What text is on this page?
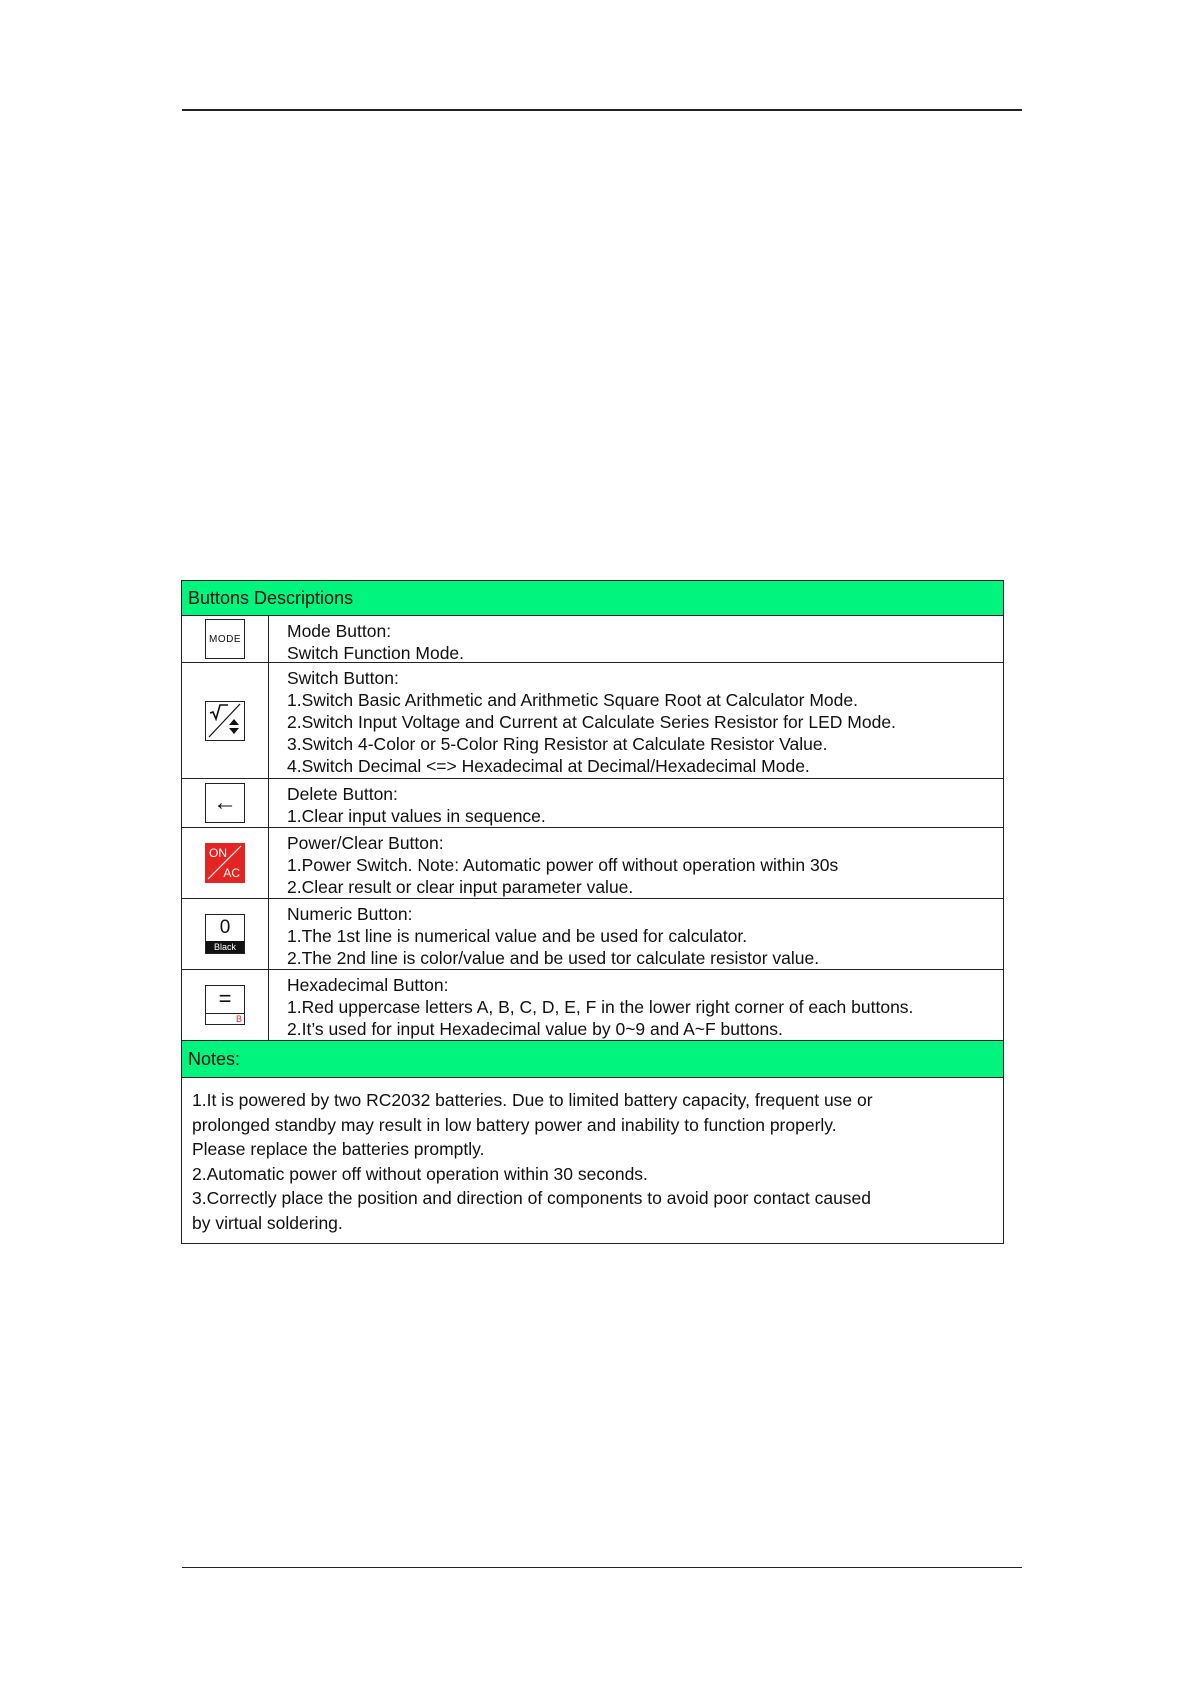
Buttons Descriptions
MODE	Mode Button:
Switch Function Mode.
Switch Button:
1.Switch Basic Arithmetic and Arithmetic Square Root at Calculator Mode.
2.Switch Input Voltage and Current at Calculate Series Resistor for LED Mode.
3.Switch 4-Color or 5-Color Ring Resistor at Calculate Resistor Value.
4.Switch Decimal <=> Hexadecimal at Decimal/Hexadecimal Mode.
←	Delete Button:
1.Clear input values in sequence.
ON
AC
Power/Clear Button:
1.Power Switch. Note: Automatic power off without operation within 30s
2.Clear result or clear input parameter value.
0
Black
Numeric Button:
1.The 1st line is numerical value and be used for calculator.
2.The 2nd line is color/value and be used tor calculate resistor value.
=
B
Hexadecimal Button:
1.Red uppercase letters A, B, C, D, E, F in the lower right corner of each buttons.
2.It’s used for input Hexadecimal value by 0~9 and A~F buttons.
Notes:
1.It is powered by two RC2032 batteries. Due to limited battery capacity, frequent use or
prolonged standby may result in low battery power and inability to function properly.
Please replace the batteries promptly.
2.Automatic power off without operation within 30 seconds.
3.Correctly place the position and direction of components to avoid poor contact caused
by virtual soldering.
